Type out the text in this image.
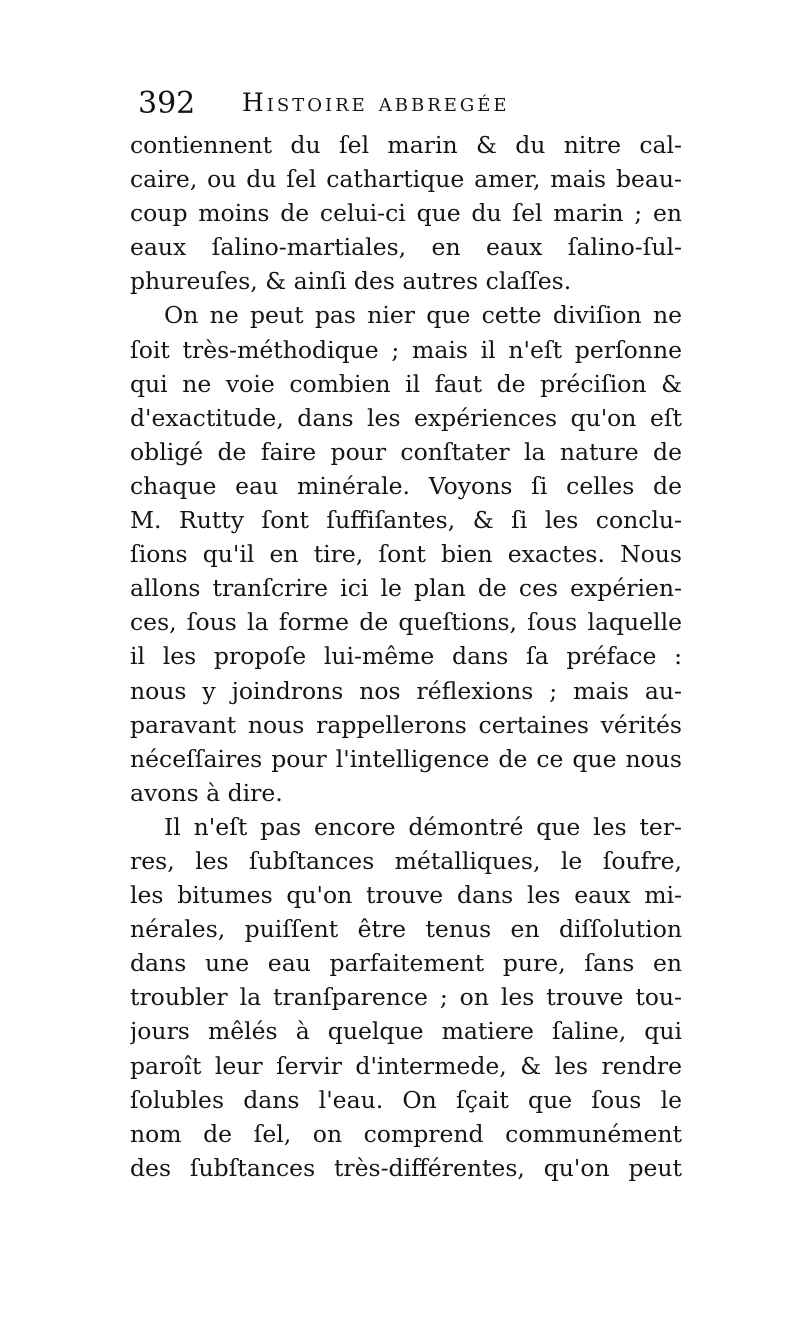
392 Histoire abbregée
contiennent du ſel marin & du nitre cal-
caire, ou du ſel cathartique amer, mais beau-
coup moins de celui-ci que du ſel marin ; en
eaux ſalino-martiales, en eaux ſalino-ſul-
phureuſes, & ainſi des autres claſſes.
On ne peut pas nier que cette diviſion ne
ſoit très-méthodique ; mais il n'eſt perſonne
qui ne voie combien il faut de préciſion &
d'exactitude, dans les expériences qu'on eſt
obligé de faire pour conſtater la nature de
chaque eau minérale. Voyons ſi celles de
M. Rutty ſont ſuffiſantes, & ſi les conclu-
ſions qu'il en tire, ſont bien exactes. Nous
allons tranſcrire ici le plan de ces expérien-
ces, ſous la forme de queſtions, ſous laquelle
il les propoſe lui-même dans ſa préface :
nous y joindrons nos réflexions ; mais au-
paravant nous rappellerons certaines vérités
néceſſaires pour l'intelligence de ce que nous
avons à dire.
Il n'eſt pas encore démontré que les ter-
res, les ſubſtances métalliques, le ſoufre,
les bitumes qu'on trouve dans les eaux mi-
nérales, puiſſent être tenus en diſſolution
dans une eau parfaitement pure, ſans en
troubler la tranſparence ; on les trouve tou-
jours mêlés à quelque matiere ſaline, qui
paroît leur ſervir d'intermede, & les rendre
ſolubles dans l'eau. On ſçait que ſous le
nom de ſel, on comprend communément
des ſubſtances très-différentes, qu'on peut
